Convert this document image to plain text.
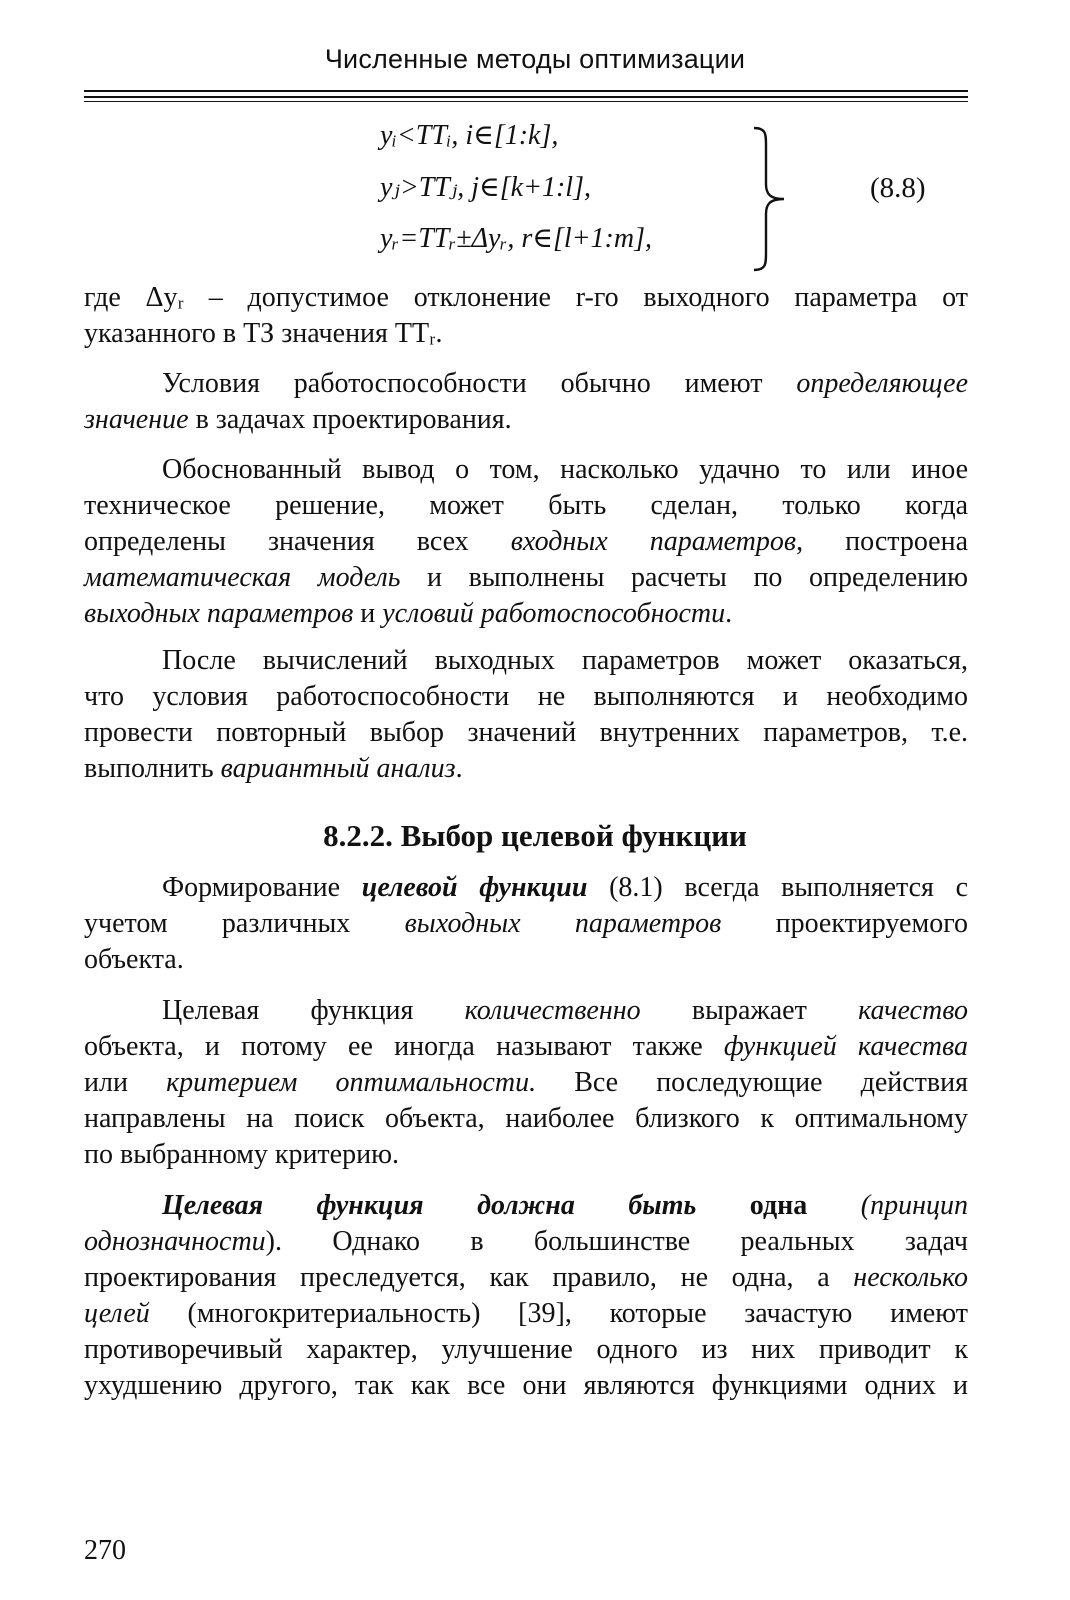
Численные методы оптимизации
yᵢ<TTᵢ, i∈[1:k],
yⱼ>TTⱼ, j∈[k+1:l],
yᵣ=TTᵣ±Δyᵣ, r∈[l+1:m],
(8.8)
где Δyᵣ – допустимое отклонение r-го выходного параметра от
указанного в ТЗ значения TTᵣ.
Условия работоспособности обычно имеют определяющее
значение в задачах проектирования.
Обоснованный вывод о том, насколько удачно то или иное
техническое решение, может быть сделан, только когда
определены значения всех входных параметров, построена
математическая модель и выполнены расчеты по определению
выходных параметров и условий работоспособности.
После вычислений выходных параметров может оказаться,
что условия работоспособности не выполняются и необходимо
провести повторный выбор значений внутренних параметров, т.е.
выполнить вариантный анализ.
8.2.2. Выбор целевой функции
Формирование целевой функции (8.1) всегда выполняется с
учетом различных выходных параметров проектируемого
объекта.
Целевая функция количественно выражает качество
объекта, и потому ее иногда называют также функцией качества
или критерием оптимальности. Все последующие действия
направлены на поиск объекта, наиболее близкого к оптимальному
по выбранному критерию.
Целевая функция должна быть одна (принцип
однозначности). Однако в большинстве реальных задач
проектирования преследуется, как правило, не одна, а несколько
целей (многокритериальность) [39], которые зачастую имеют
противоречивый характер, улучшение одного из них приводит к
ухудшению другого, так как все они являются функциями одних и
270
